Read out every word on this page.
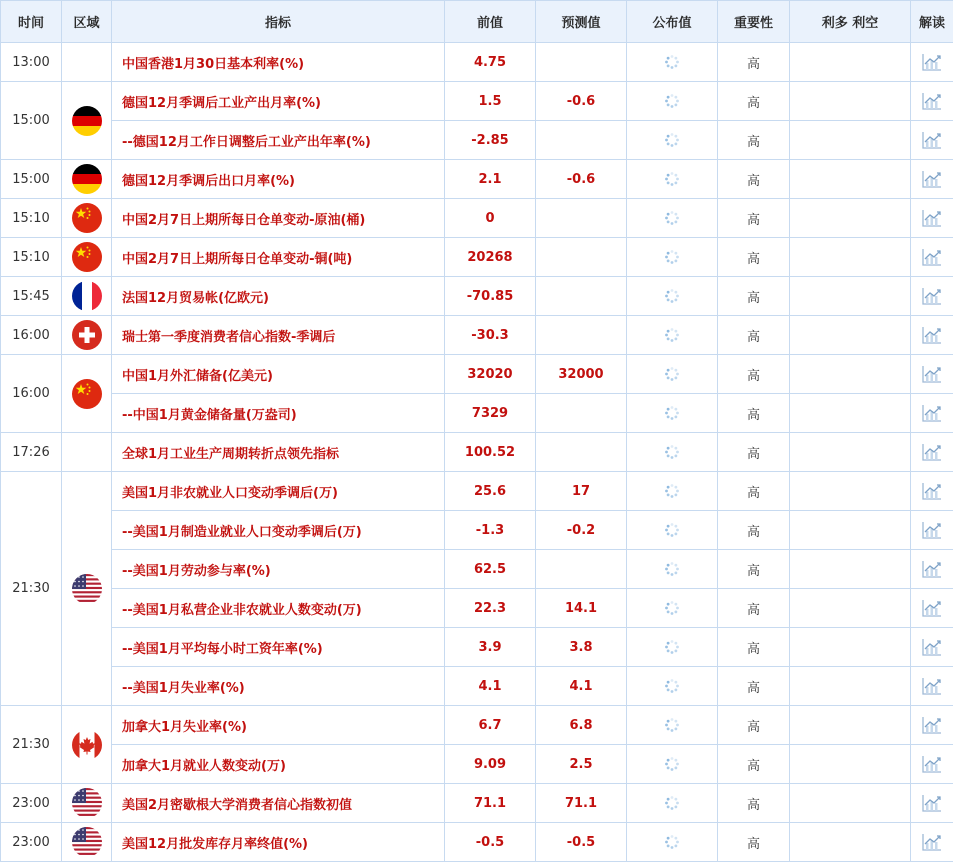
时间	区域	指标	前值	预测值	公布值	重要性	利多 利空	解读
13:00		中国香港1月30日基本利率(%)	4.75			高		
15:00		德国12月季调后工业产出月率(%)	1.5	-0.6		高		
		--德国12月工作日调整后工业产出年率(%)	-2.85			高		
15:00		德国12月季调后出口月率(%)	2.1	-0.6		高		
15:10		中国2月7日上期所每日仓单变动-原油(桶)	0			高		
15:10		中国2月7日上期所每日仓单变动-铜(吨)	20268			高		
15:45		法国12月贸易帐(亿欧元)	-70.85			高		
16:00		瑞士第一季度消费者信心指数-季调后	-30.3			高		
16:00		中国1月外汇储备(亿美元)	32020	32000		高		
		--中国1月黄金储备量(万盎司)	7329			高		
17:26		全球1月工业生产周期转折点领先指标	100.52			高		
21:30		美国1月非农就业人口变动季调后(万)	25.6	17		高		
		--美国1月制造业就业人口变动季调后(万)	-1.3	-0.2		高		
		--美国1月劳动参与率(%)	62.5			高		
		--美国1月私营企业非农就业人数变动(万)	22.3	14.1		高		
		--美国1月平均每小时工资年率(%)	3.9	3.8		高		
		--美国1月失业率(%)	4.1	4.1		高		
21:30		加拿大1月失业率(%)	6.7	6.8		高		
		加拿大1月就业人数变动(万)	9.09	2.5		高		
23:00		美国2月密歇根大学消费者信心指数初值	71.1	71.1		高		
23:00		美国12月批发库存月率终值(%)	-0.5	-0.5		高		
